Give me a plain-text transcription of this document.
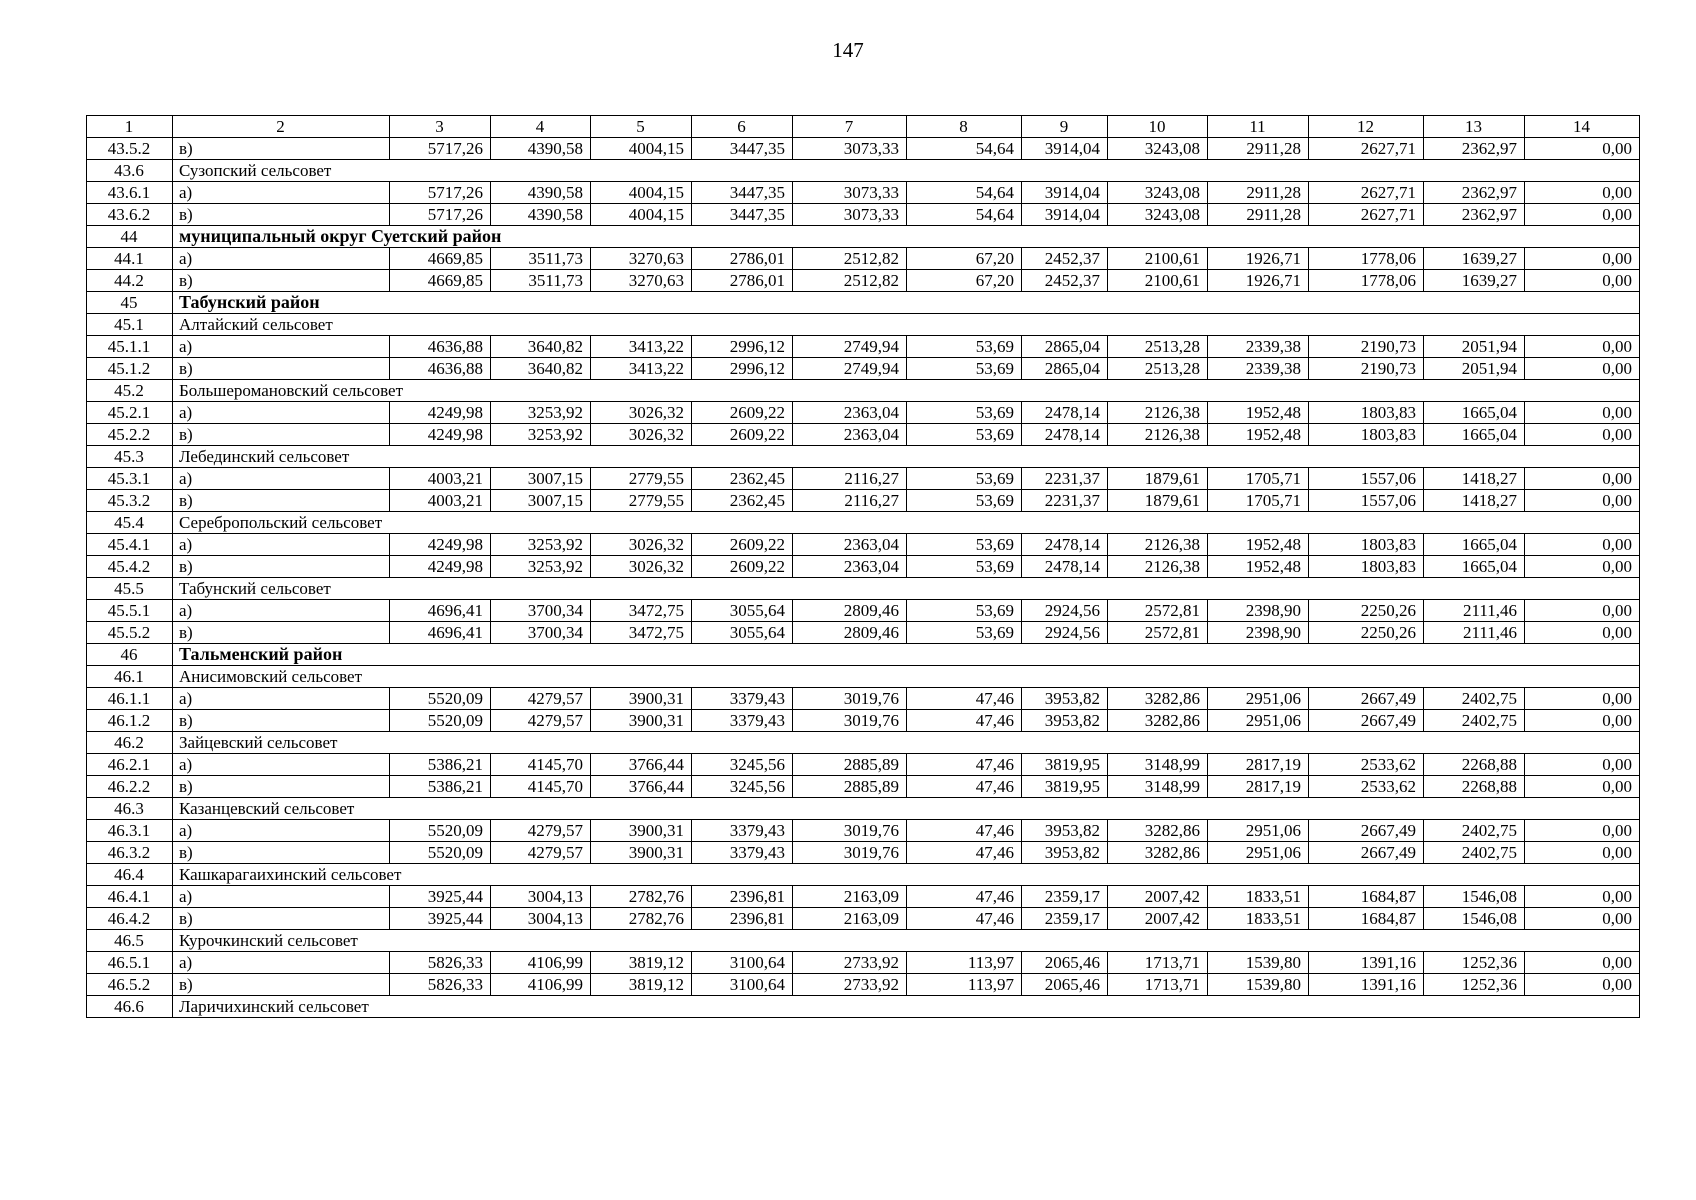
147
1	2	3	4	5	6	7	8	9	10	11	12	13	14
43.5.2	в)	5717,26	4390,58	4004,15	3447,35	3073,33	54,64	3914,04	3243,08	2911,28	2627,71	2362,97	0,00
43.6	Сузопский сельсовет												
43.6.1	а)	5717,26	4390,58	4004,15	3447,35	3073,33	54,64	3914,04	3243,08	2911,28	2627,71	2362,97	0,00
43.6.2	в)	5717,26	4390,58	4004,15	3447,35	3073,33	54,64	3914,04	3243,08	2911,28	2627,71	2362,97	0,00
44	муниципальный округ Суетский район												
44.1	а)	4669,85	3511,73	3270,63	2786,01	2512,82	67,20	2452,37	2100,61	1926,71	1778,06	1639,27	0,00
44.2	в)	4669,85	3511,73	3270,63	2786,01	2512,82	67,20	2452,37	2100,61	1926,71	1778,06	1639,27	0,00
45	Табунский район												
45.1	Алтайский сельсовет												
45.1.1	а)	4636,88	3640,82	3413,22	2996,12	2749,94	53,69	2865,04	2513,28	2339,38	2190,73	2051,94	0,00
45.1.2	в)	4636,88	3640,82	3413,22	2996,12	2749,94	53,69	2865,04	2513,28	2339,38	2190,73	2051,94	0,00
45.2	Большеромановский сельсовет												
45.2.1	а)	4249,98	3253,92	3026,32	2609,22	2363,04	53,69	2478,14	2126,38	1952,48	1803,83	1665,04	0,00
45.2.2	в)	4249,98	3253,92	3026,32	2609,22	2363,04	53,69	2478,14	2126,38	1952,48	1803,83	1665,04	0,00
45.3	Лебединский сельсовет												
45.3.1	а)	4003,21	3007,15	2779,55	2362,45	2116,27	53,69	2231,37	1879,61	1705,71	1557,06	1418,27	0,00
45.3.2	в)	4003,21	3007,15	2779,55	2362,45	2116,27	53,69	2231,37	1879,61	1705,71	1557,06	1418,27	0,00
45.4	Серебропольский сельсовет												
45.4.1	а)	4249,98	3253,92	3026,32	2609,22	2363,04	53,69	2478,14	2126,38	1952,48	1803,83	1665,04	0,00
45.4.2	в)	4249,98	3253,92	3026,32	2609,22	2363,04	53,69	2478,14	2126,38	1952,48	1803,83	1665,04	0,00
45.5	Табунский сельсовет												
45.5.1	а)	4696,41	3700,34	3472,75	3055,64	2809,46	53,69	2924,56	2572,81	2398,90	2250,26	2111,46	0,00
45.5.2	в)	4696,41	3700,34	3472,75	3055,64	2809,46	53,69	2924,56	2572,81	2398,90	2250,26	2111,46	0,00
46	Тальменский район												
46.1	Анисимовский сельсовет												
46.1.1	а)	5520,09	4279,57	3900,31	3379,43	3019,76	47,46	3953,82	3282,86	2951,06	2667,49	2402,75	0,00
46.1.2	в)	5520,09	4279,57	3900,31	3379,43	3019,76	47,46	3953,82	3282,86	2951,06	2667,49	2402,75	0,00
46.2	Зайцевский сельсовет												
46.2.1	а)	5386,21	4145,70	3766,44	3245,56	2885,89	47,46	3819,95	3148,99	2817,19	2533,62	2268,88	0,00
46.2.2	в)	5386,21	4145,70	3766,44	3245,56	2885,89	47,46	3819,95	3148,99	2817,19	2533,62	2268,88	0,00
46.3	Казанцевский сельсовет												
46.3.1	а)	5520,09	4279,57	3900,31	3379,43	3019,76	47,46	3953,82	3282,86	2951,06	2667,49	2402,75	0,00
46.3.2	в)	5520,09	4279,57	3900,31	3379,43	3019,76	47,46	3953,82	3282,86	2951,06	2667,49	2402,75	0,00
46.4	Кашкарагаихинский сельсовет												
46.4.1	а)	3925,44	3004,13	2782,76	2396,81	2163,09	47,46	2359,17	2007,42	1833,51	1684,87	1546,08	0,00
46.4.2	в)	3925,44	3004,13	2782,76	2396,81	2163,09	47,46	2359,17	2007,42	1833,51	1684,87	1546,08	0,00
46.5	Курочкинский сельсовет												
46.5.1	а)	5826,33	4106,99	3819,12	3100,64	2733,92	113,97	2065,46	1713,71	1539,80	1391,16	1252,36	0,00
46.5.2	в)	5826,33	4106,99	3819,12	3100,64	2733,92	113,97	2065,46	1713,71	1539,80	1391,16	1252,36	0,00
46.6	Ларичихинский сельсовет												
